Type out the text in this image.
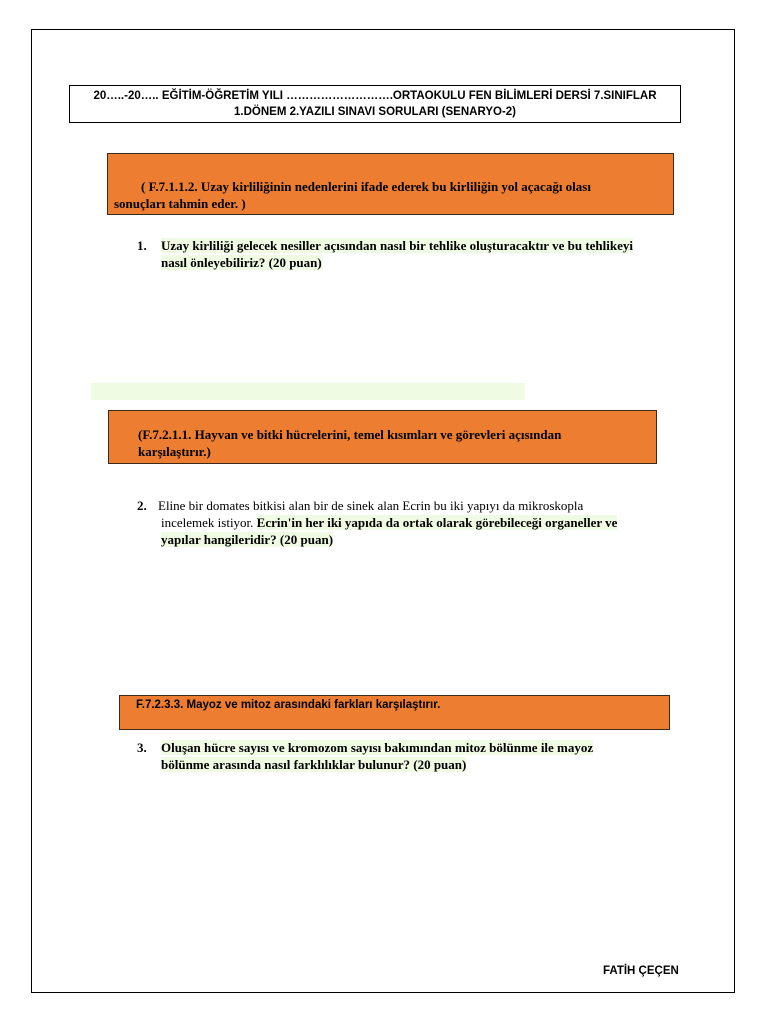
20…..-20….. EĞİTİM-ÖĞRETİM YILI ……………………….ORTAOKULU FEN BİLİMLERİ DERSİ 7.SINIFLAR
1.DÖNEM 2.YAZILI SINAVI SORULARI (SENARYO-2)
( F.7.1.1.2. Uzay kirliliğinin nedenlerini ifade ederek bu kirliliğin yol açacağı olası
sonuçları tahmin eder. )
1. Uzay kirliliği gelecek nesiller açısından nasıl bir tehlike oluşturacaktır ve bu tehlikeyi
nasıl önleyebiliriz? (20 puan)
(F.7.2.1.1. Hayvan ve bitki hücrelerini, temel kısımları ve görevleri açısından
karşılaştırır.)
2. Eline bir domates bitkisi alan bir de sinek alan Ecrin bu iki yapıyı da mikroskopla
incelemek istiyor. Ecrin'in her iki yapıda da ortak olarak görebileceği organeller ve
yapılar hangileridir? (20 puan)
F.7.2.3.3. Mayoz ve mitoz arasındaki farkları karşılaştırır.
3. Oluşan hücre sayısı ve kromozom sayısı bakımından mitoz bölünme ile mayoz
bölünme arasında nasıl farklılıklar bulunur? (20 puan)
FATİH ÇEÇEN
